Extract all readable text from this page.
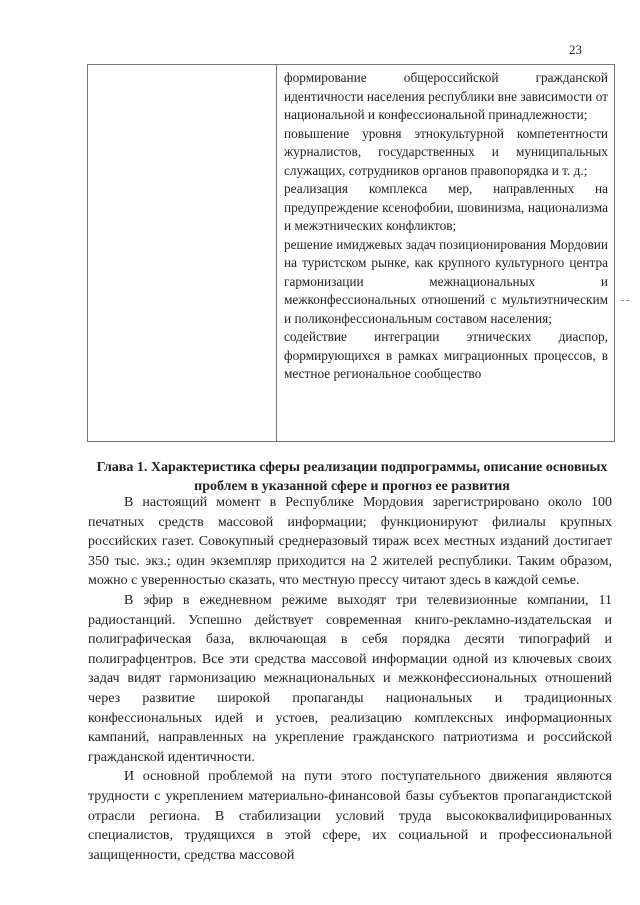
23

формирование общероссийской гражданской идентичности населения республики вне зависимости от национальной и конфессиональной принадлежности;

повышение уровня этнокультурной компетентности журналистов, государственных и муниципальных служащих, сотрудников органов правопорядка и т. д.;

реализация комплекса мер, направленных на предупреждение ксенофобии, шовинизма, национализма и межэтнических конфликтов;

решение имиджевых задач позиционирования Мордовии на туристском рынке, как крупного культурного центра гармонизации межнациональных и межконфессиональных отношений с мультиэтническим и поликонфессиональным составом населения;

содействие интеграции этнических диаспор, формирующихся в рамках миграционных процессов, в местное региональное сообщество

Глава 1. Характеристика сферы реализации подпрограммы, описание основных проблем в указанной сфере и прогноз ее развития

В настоящий момент в Республике Мордовия зарегистрировано около 100 печатных средств массовой информации; функционируют филиалы крупных российских газет. Совокупный среднеразовый тираж всех местных изданий достигает 350 тыс. экз.; один экземпляр приходится на 2 жителей республики. Таким образом, можно с уверенностью сказать, что местную прессу читают здесь в каждой семье.

В эфир в ежедневном режиме выходят три телевизионные компании, 11 радиостанций. Успешно действует современная книго-рекламно-издательская и полиграфическая база, включающая в себя порядка десяти типографий и полиграфцентров. Все эти средства массовой информации одной из ключевых своих задач видят гармонизацию межнациональных и межконфессиональных отношений через развитие широкой пропаганды национальных и традиционных конфессиональных идей и устоев, реализацию комплексных информационных кампаний, направленных на укрепление гражданского патриотизма и российской гражданской идентичности.

И основной проблемой на пути этого поступательного движения являются трудности с укреплением материально-финансовой базы субъектов пропагандистской отрасли региона. В стабилизации условий труда высококвалифицированных специалистов, трудящихся в этой сфере, их социальной и профессиональной защищенности, средства массовой
